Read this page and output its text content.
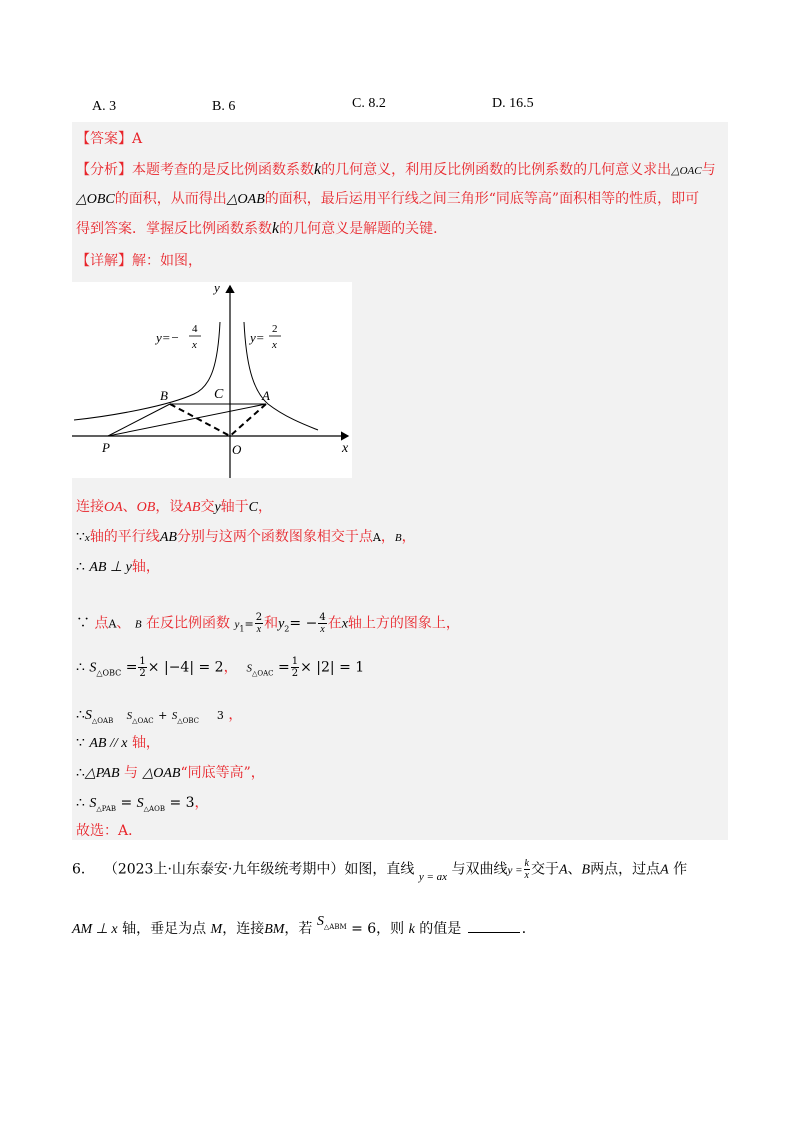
A. 3	B. 6	C. 8.2	D. 16.5
【答案】A
【分析】本题考查的是反比例函数系数k的几何意义，利用反比例函数的比例系数的几何意义求出△OAC与
△OBC的面积，从而得出△OAB的面积，最后运用平行线之间三角形“同底等高”面积相等的性质，即可
得到答案．掌握反比例函数系数k的几何意义是解题的关键．
【详解】解：如图，
y
x
O
P
B	C	A
y=−
4
x	y=
2
x
连接OA、OB，设AB交y轴于C，
∵x轴的平行线AB分别与这两个函数图象相交于点A，B，
∴ AB ⊥ y轴，
∵ 点A、 B 在反比例函数 $y_1= \frac{2}{x}$ 和$y_2= - \frac{4}{x}$ 在x轴上方的图象上，
∴ $S_{\triangle OBC} = \frac{1}{2} \times |-4| = 2$， $S_{\triangle OAC} = \frac{1}{2} \times |2| = 1$
$\therefore S_{\triangle OAB}$ $S_{\triangle OAC} + S_{\triangle OBC}$ 3 ，
∵ AB // x 轴，
∴△PAB 与 △OAB“同底等高”，
∴ $S_{\triangle PAB} = S_{\triangle AOB} = 3$，
故选：A．
6． （2023上·山东泰安·九年级统考期中）如图，直线 $_{y = ax}$ 与双曲线$y = \frac{k}{x}$ 交于A、B两点，过点A 作
AM ⊥ x 轴，垂足为点 M，连接BM，若 $S_{\triangle ABM} = 6$，则 k 的值是	．
